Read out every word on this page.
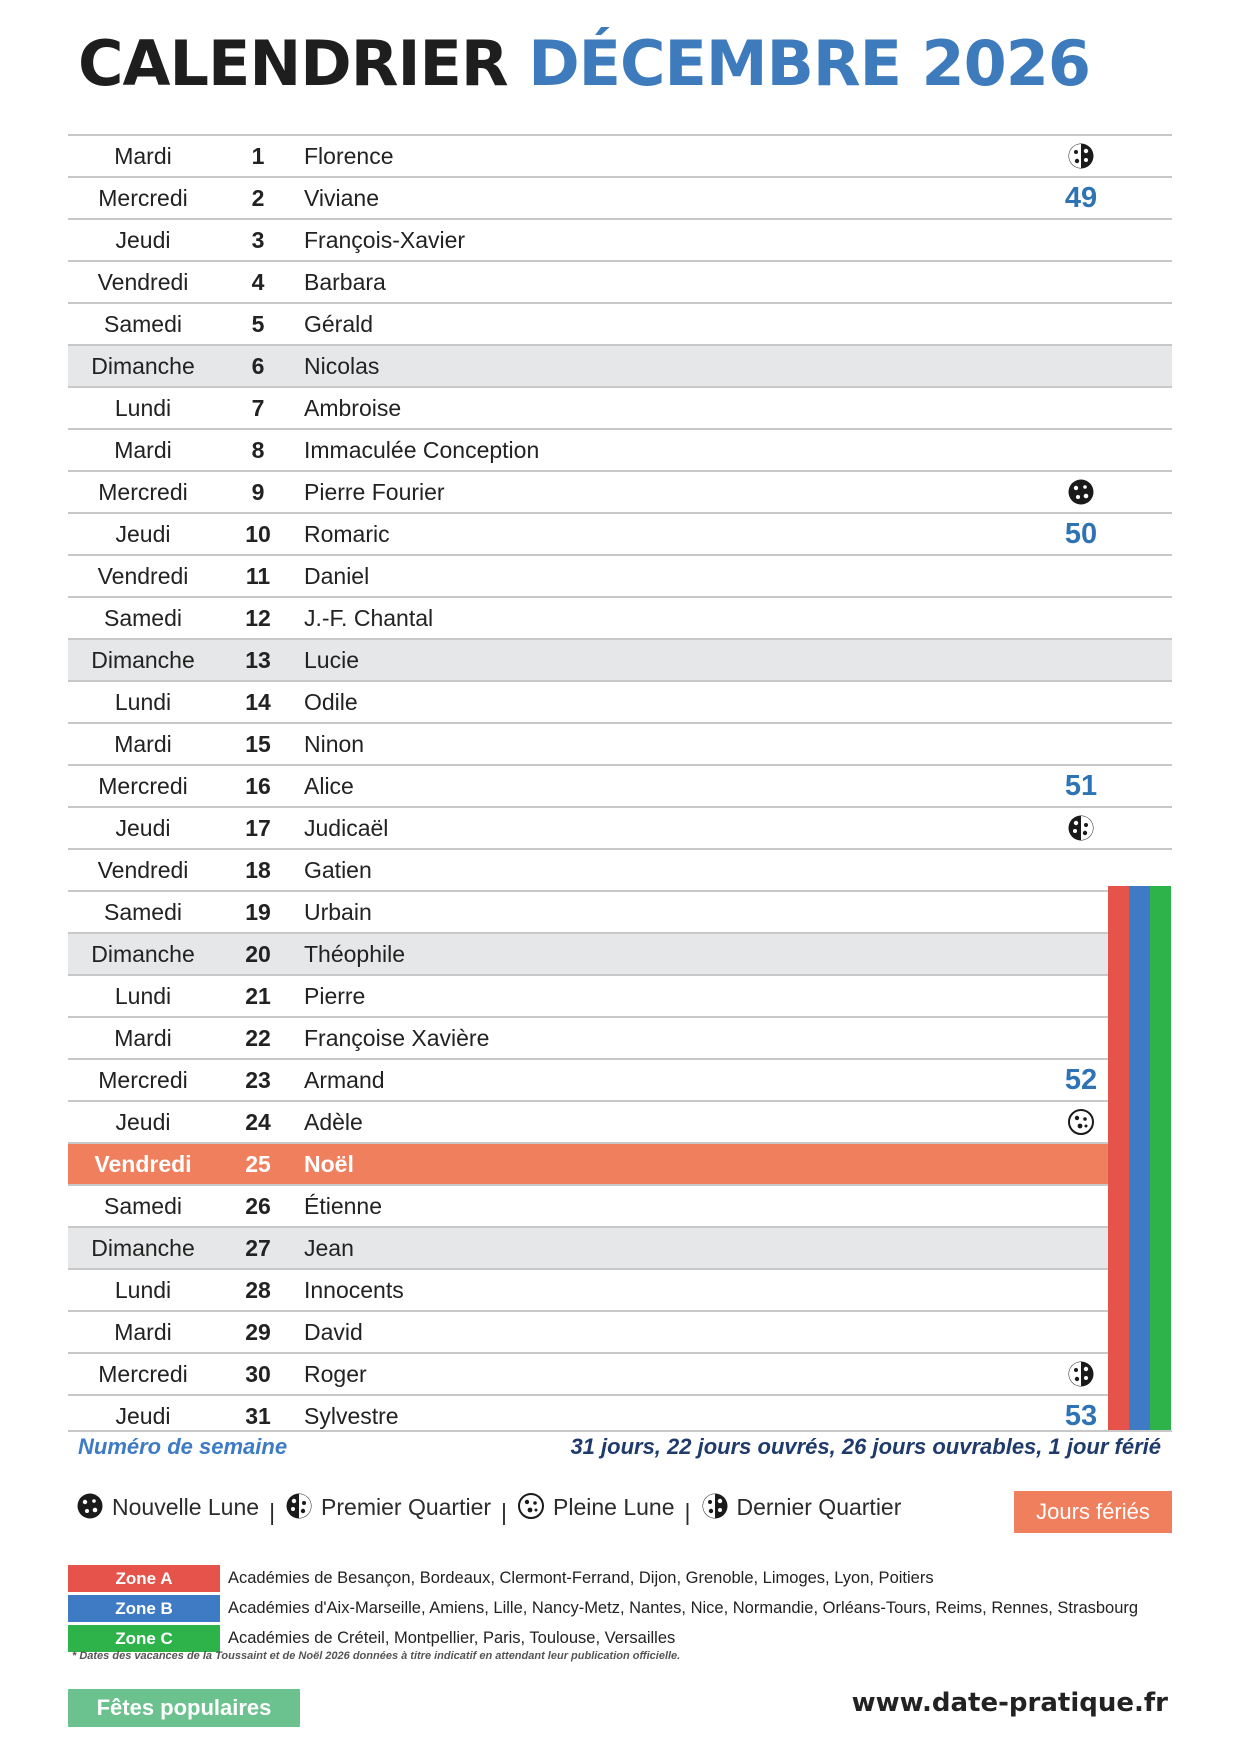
CALENDRIER DÉCEMBRE 2026
Mardi	1	Florence
Mercredi	2	Viviane	49
Jeudi	3	François-Xavier
Vendredi	4	Barbara
Samedi	5	Gérald
Dimanche	6	Nicolas
Lundi	7	Ambroise
Mardi	8	Immaculée Conception
Mercredi	9	Pierre Fourier
Jeudi	10	Romaric	50
Vendredi	11	Daniel
Samedi	12	J.-F. Chantal
Dimanche	13	Lucie
Lundi	14	Odile
Mardi	15	Ninon
Mercredi	16	Alice	51
Jeudi	17	Judicaël
Vendredi	18	Gatien
Samedi	19	Urbain
Dimanche	20	Théophile
Lundi	21	Pierre
Mardi	22	Françoise Xavière
Mercredi	23	Armand	52
Jeudi	24	Adèle
Vendredi	25	Noël
Samedi	26	Étienne
Dimanche	27	Jean
Lundi	28	Innocents
Mardi	29	David
Mercredi	30	Roger
Jeudi	31	Sylvestre	53
Numéro de semaine	31 jours, 22 jours ouvrés, 26 jours ouvrables, 1 jour férié
Nouvelle Lune | Premier Quartier | Pleine Lune | Dernier Quartier	Jours fériés
Zone A	Académies de Besançon, Bordeaux, Clermont-Ferrand, Dijon, Grenoble, Limoges, Lyon, Poitiers
Zone B	Académies d'Aix-Marseille, Amiens, Lille, Nancy-Metz, Nantes, Nice, Normandie, Orléans-Tours, Reims, Rennes, Strasbourg
Zone C	Académies de Créteil, Montpellier, Paris, Toulouse, Versailles
* Dates des vacances de la Toussaint et de Noël 2026 données à titre indicatif en attendant leur publication officielle.
Fêtes populaires	www.date-pratique.fr
